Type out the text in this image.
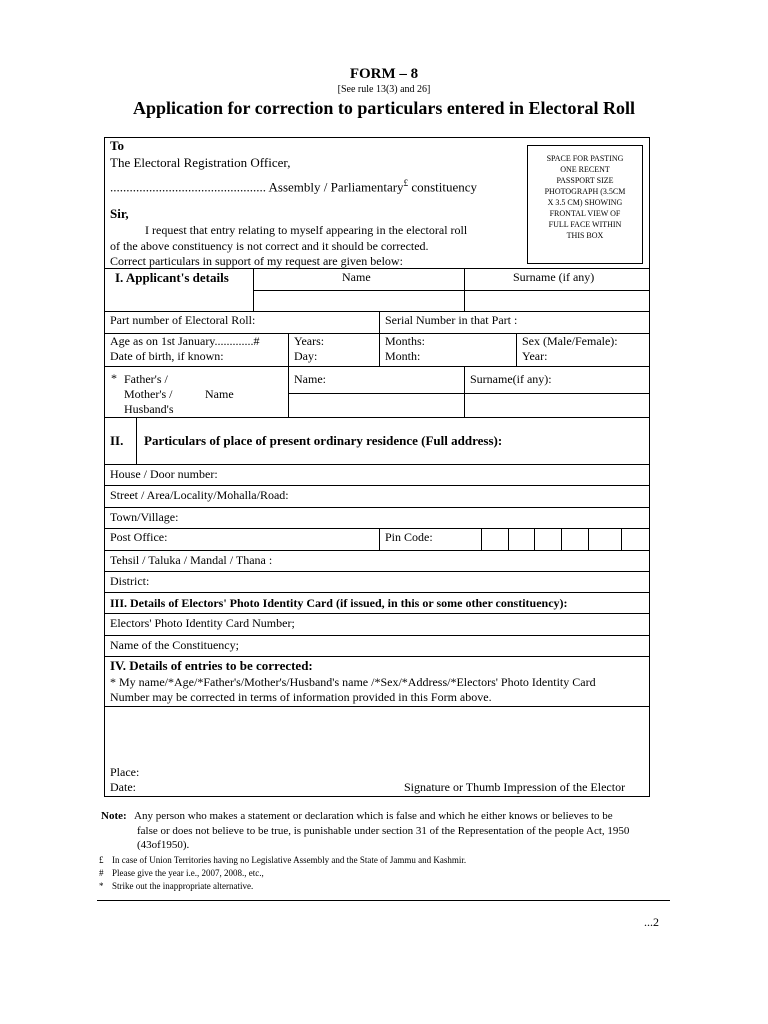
FORM – 8
[See rule 13(3) and 26]
Application for correction to particulars entered in Electoral Roll
To
The Electoral Registration Officer,
................................................ Assembly / Parliamentary£ constituency
Sir,
I request that entry relating to myself appearing in the electoral roll
of the above constituency is not correct and it should be corrected.
Correct particulars in support of my request are given below:
SPACE FOR PASTING
ONE RECENT
PASSPORT SIZE
PHOTOGRAPH (3.5CM
X 3.5 CM) SHOWING
FRONTAL VIEW OF
FULL FACE WITHIN
THIS BOX
I. Applicant's details	Name	Surname (if any)
Part number of Electoral Roll:	Serial Number in that Part :
Age as on 1st January.............#	Years:	Months:	Sex (Male/Female):
Date of birth, if known:	Day:	Month:	Year:
* Father's /
Mother's /	Name
Husband's
Name:	Surname(if any):
II. Particulars of place of present ordinary residence (Full address):
House / Door number:
Street / Area/Locality/Mohalla/Road:
Town/Village:
Post Office:	Pin Code:
Tehsil / Taluka / Mandal / Thana :
District:
III. Details of Electors' Photo Identity Card (if issued, in this or some other constituency):
Electors' Photo Identity Card Number;
Name of the Constituency;
IV. Details of entries to be corrected:
* My name/*Age/*Father's/Mother's/Husband's name /*Sex/*Address/*Electors' Photo Identity Card
Number may be corrected in terms of information provided in this Form above.
Place:
Date:	Signature or Thumb Impression of the Elector
Note: Any person who makes a statement or declaration which is false and which he either knows or believes to be
false or does not believe to be true, is punishable under section 31 of the Representation of the people Act, 1950
(43of1950).
£ In case of Union Territories having no Legislative Assembly and the State of Jammu and Kashmir.
# Please give the year i.e., 2007, 2008., etc.,
* Strike out the inappropriate alternative.
...2
